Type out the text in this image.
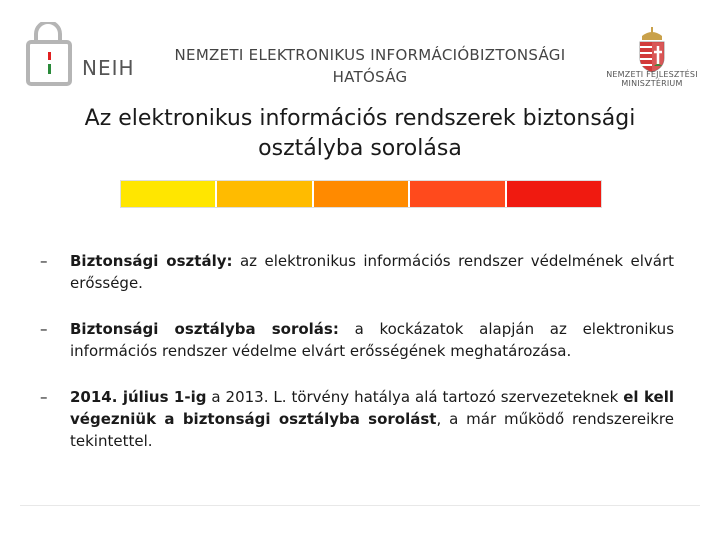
NEIH
NEMZETI ELEKTRONIKUS INFORMÁCIÓBIZTONSÁGI
HATÓSÁG	NEMZETI FEJLESZTÉSI
MINISZTÉRIUM
Az elektronikus információs rendszerek biztonsági
osztályba sorolása
–	Biztonsági osztály: az elektronikus információs rendszer védelmének elvárt erőssége.
–	Biztonsági osztályba sorolás: a kockázatok alapján az elektronikus információs rendszer védelme elvárt erősségének meghatározása.
–	2014. július 1-ig a 2013. L. törvény hatálya alá tartozó szervezeteknek el kell végezniük a biztonsági osztályba sorolást, a már működő rendszereikre tekintettel.
